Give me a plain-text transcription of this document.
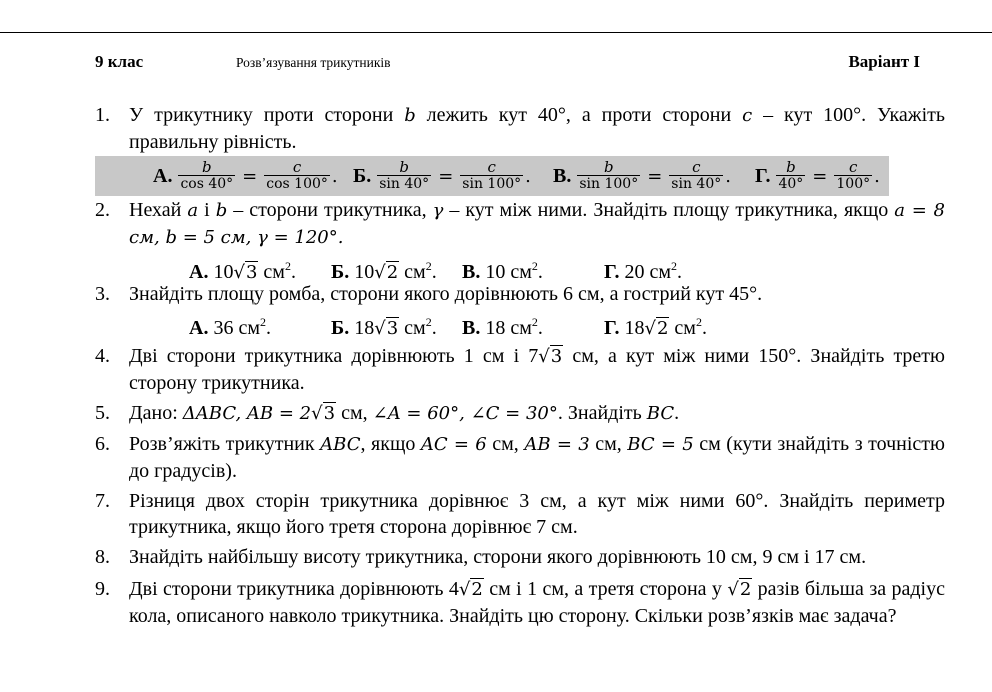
9 клас	Розв’язування трикутників	Варіант I
1. У трикутнику проти сторони b лежить кут 40°, а проти сторони c – кут 100°. Укажіть правильну рівність.
А. $\frac{b}{\cos 40^\circ} = \frac{c}{\cos 100^\circ}$ . Б. $\frac{b}{\sin 40^\circ} = \frac{c}{\sin 100^\circ}$ . В. $\frac{b}{\sin 100^\circ} = \frac{c}{\sin 40^\circ}$ . Г. $\frac{b}{40^\circ} = \frac{c}{100^\circ}$ .
2. Нехай a і b – сторони трикутника, γ – кут між ними. Знайдіть площу трикутника, якщо a = 8 см, b = 5 см, γ = 120°.
А. 10√3 $см^2$. Б. 10√2 $см^2$. В. 10 $см^2$.	Г. 20 $см^2$.
3. Знайдіть площу ромба, сторони якого дорівнюють 6 см, а гострий кут 45°.
А. 36 $см^2$.	Б. 18√3 $см^2$. В. 18 $см^2$.	Г. 18√2 $см^2$.
4. Дві сторони трикутника дорівнюють 1 см і 7√3 см, а кут між ними 150°. Знайдіть третю сторону трикутника.
5. Дано: ΔABC, AB = 2√3 см, ∠A = 60°, ∠C = 30°. Знайдіть BC.
6. Розв’яжіть трикутник ABC, якщо AC = 6 см, AB = 3 см, BC = 5 см (кути знайдіть з точністю до градусів).
7. Різниця двох сторін трикутника дорівнює 3 см, а кут між ними 60°. Знайдіть периметр трикутника, якщо його третя сторона дорівнює 7 см.
8. Знайдіть найбільшу висоту трикутника, сторони якого дорівнюють 10 см, 9 см і 17 см.
9. Дві сторони трикутника дорівнюють 4√2 см і 1 см, а третя сторона у √2 разів більша за радіус кола, описаного навколо трикутника. Знайдіть цю сторону. Скільки розв’язків має задача?
